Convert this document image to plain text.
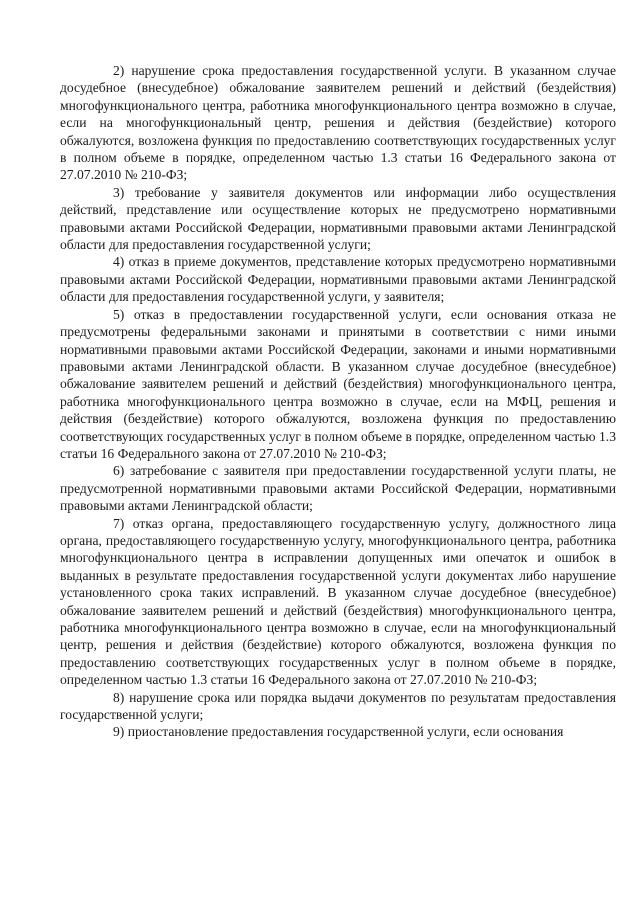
2) нарушение срока предоставления государственной услуги. В указанном случае досудебное (внесудебное) обжалование заявителем решений и действий (бездействия) многофункционального центра, работника многофункционального центра возможно в случае, если на многофункциональный центр, решения и действия (бездействие) которого обжалуются, возложена функция по предоставлению соответствующих государственных услуг в полном объеме в порядке, определенном частью 1.3 статьи 16 Федерального закона от 27.07.2010 № 210-ФЗ;

3) требование у заявителя документов или информации либо осуществления действий, представление или осуществление которых не предусмотрено нормативными правовыми актами Российской Федерации, нормативными правовыми актами Ленинградской области для предоставления государственной услуги;

4) отказ в приеме документов, представление которых предусмотрено нормативными правовыми актами Российской Федерации, нормативными правовыми актами Ленинградской области для предоставления государственной услуги, у заявителя;

5) отказ в предоставлении государственной услуги, если основания отказа не предусмотрены федеральными законами и принятыми в соответствии с ними иными нормативными правовыми актами Российской Федерации, законами и иными нормативными правовыми актами Ленинградской области. В указанном случае досудебное (внесудебное) обжалование заявителем решений и действий (бездействия) многофункционального центра, работника многофункционального центра возможно в случае, если на МФЦ, решения и действия (бездействие) которого обжалуются, возложена функция по предоставлению соответствующих государственных услуг в полном объеме в порядке, определенном частью 1.3 статьи 16 Федерального закона от 27.07.2010 № 210-ФЗ;

6) затребование с заявителя при предоставлении государственной услуги платы, не предусмотренной нормативными правовыми актами Российской Федерации, нормативными правовыми актами Ленинградской области;

7) отказ органа, предоставляющего государственную услугу, должностного лица органа, предоставляющего государственную услугу, многофункционального центра, работника многофункционального центра в исправлении допущенных ими опечаток и ошибок в выданных в результате предоставления государственной услуги документах либо нарушение установленного срока таких исправлений. В указанном случае досудебное (внесудебное) обжалование заявителем решений и действий (бездействия) многофункционального центра, работника многофункционального центра возможно в случае, если на многофункциональный центр, решения и действия (бездействие) которого обжалуются, возложена функция по предоставлению соответствующих государственных услуг в полном объеме в порядке, определенном частью 1.3 статьи 16 Федерального закона от 27.07.2010 № 210-ФЗ;

8) нарушение срока или порядка выдачи документов по результатам предоставления государственной услуги;

9) приостановление предоставления государственной услуги, если основания
